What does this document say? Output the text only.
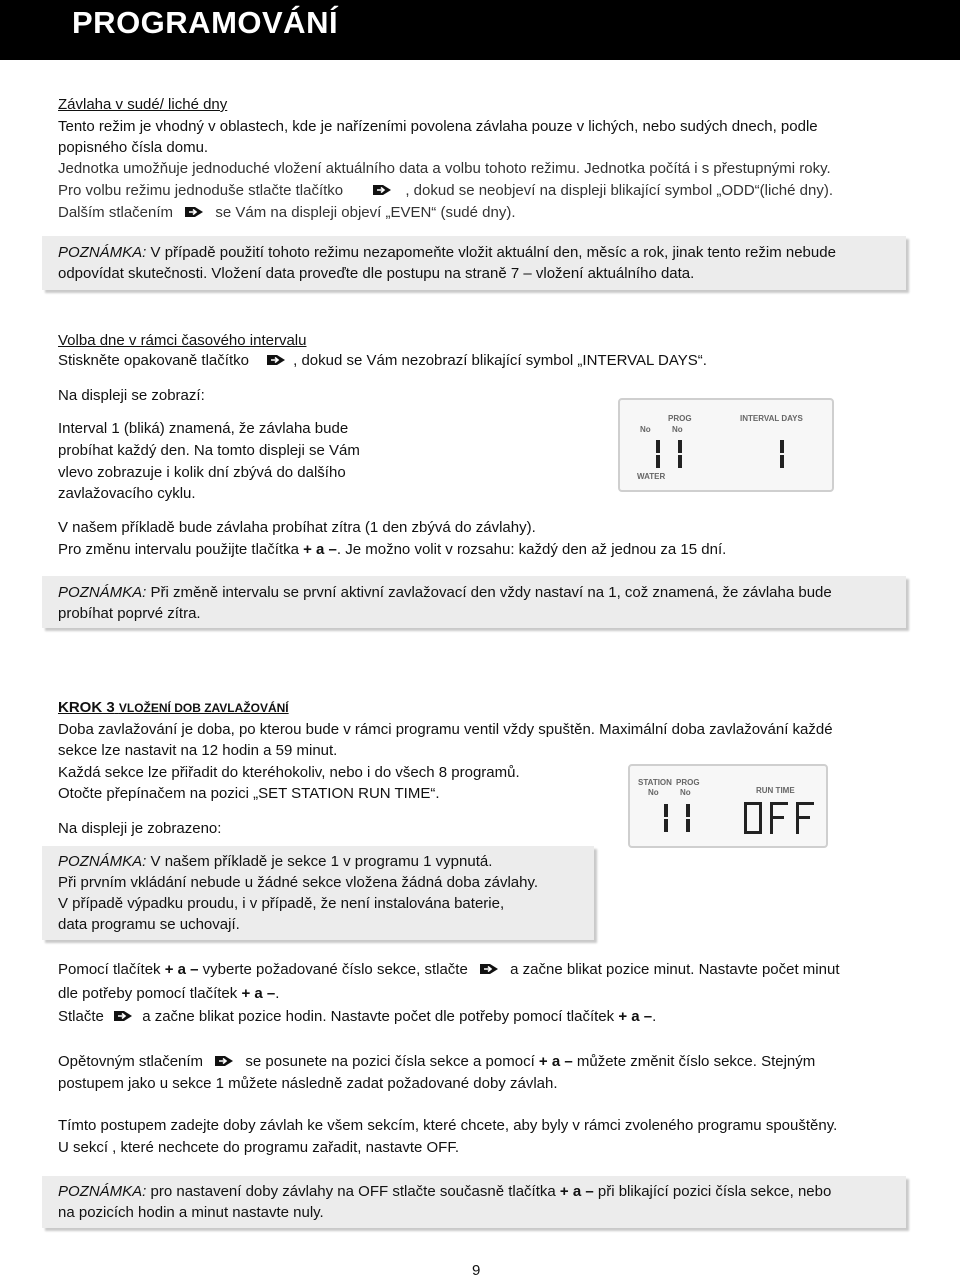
PROGRAMOVÁNÍ
Závlaha v sudé/ liché dny
Tento režim je vhodný v oblastech, kde je nařízeními povolena závlaha pouze v lichých, nebo sudých dnech, podle
popisného čísla domu.
Jednotka umožňuje jednoduché vložení aktuálního data a volbu tohoto režimu. Jednotka počítá i s přestupnými roky.
Pro volbu režimu jednoduše stlačte tlačítko	, dokud se neobjeví na displeji blikající symbol „ODD“(liché dny).
Dalším stlačením	se Vám na displeji objeví „EVEN“ (sudé dny).
POZNÁMKA: V případě použití tohoto režimu nezapomeňte vložit aktuální den, měsíc a rok, jinak tento režim nebude
odpovídat skutečnosti. Vložení data proveďte dle postupu na straně 7 – vložení aktuálního data.
Volba dne v rámci časového intervalu
Stiskněte opakovaně tlačítko	, dokud se Vám nezobrazí blikající symbol „INTERVAL DAYS“.
Na displeji se zobrazí:
Interval 1 (bliká) znamená, že závlaha bude
probíhat každý den. Na tomto displeji se Vám
vlevo zobrazuje i kolik dní zbývá do dalšího
zavlažovacího cyklu.
PROG
No	No
INTERVAL DAYS
WATER
V našem příkladě bude závlaha probíhat zítra (1 den zbývá do závlahy).
Pro změnu intervalu použijte tlačítka + a –. Je možno volit v rozsahu: každý den až jednou za 15 dní.
POZNÁMKA: Při změně intervalu se první aktivní zavlažovací den vždy nastaví na 1, což znamená, že závlaha bude
probíhat poprvé zítra.
KROK 3 VLOŽENÍ DOB ZAVLAŽOVÁNÍ
Doba zavlažování je doba, po kterou bude v rámci programu ventil vždy spuštěn. Maximální doba zavlažování každé
sekce lze nastavit na 12 hodin a 59 minut.
Každá sekce lze přiřadit do kteréhokoliv, nebo i do všech 8 programů.
Otočte přepínačem na pozici „SET STATION RUN TIME“.
Na displeji je zobrazeno:
STATION PROG
No	No	RUN TIME
POZNÁMKA: V našem příkladě je sekce 1 v programu 1 vypnutá.
Při prvním vkládání nebude u žádné sekce vložena žádná doba závlahy.
V případě výpadku proudu, i v případě, že není instalována baterie,
data programu se uchovají.
Pomocí tlačítek + a – vyberte požadované číslo sekce, stlačte	a začne blikat pozice minut. Nastavte počet minut
dle potřeby pomocí tlačítek + a –.
Stlačte	a začne blikat pozice hodin. Nastavte počet dle potřeby pomocí tlačítek + a –.
Opětovným stlačením	se posunete na pozici čísla sekce a pomocí + a – můžete změnit číslo sekce. Stejným
postupem jako u sekce 1 můžete následně zadat požadované doby závlah.
Tímto postupem zadejte doby závlah ke všem sekcím, které chcete, aby byly v rámci zvoleného programu spouštěny.
U sekcí , které nechcete do programu zařadit, nastavte OFF.
POZNÁMKA: pro nastavení doby závlahy na OFF stlačte současně tlačítka + a – při blikající pozici čísla sekce, nebo
na pozicích hodin a minut nastavte nuly.
9
